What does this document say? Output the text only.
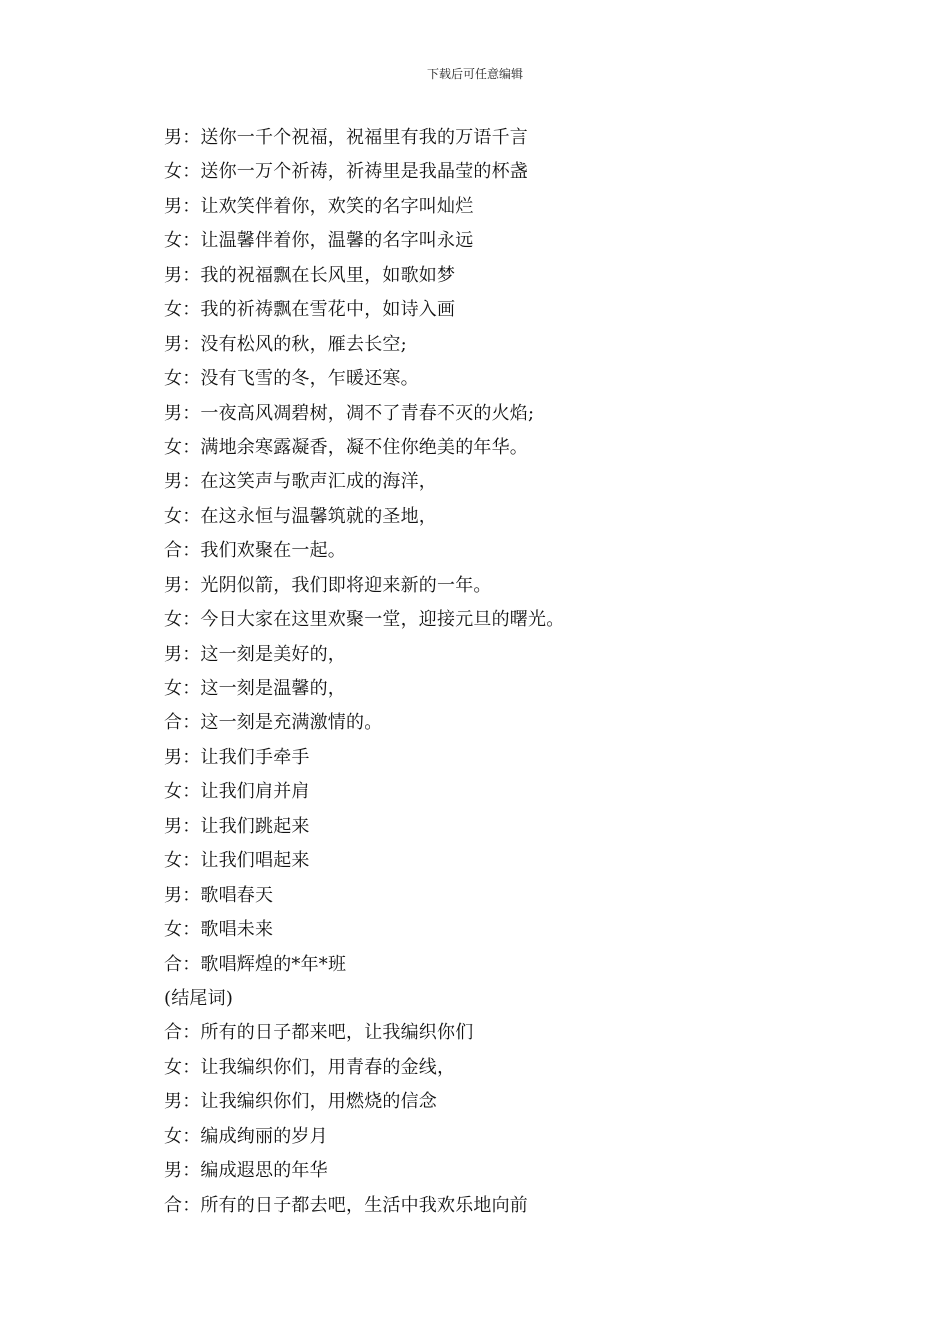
下载后可任意编辑
男：送你一千个祝福，祝福里有我的万语千言
女：送你一万个祈祷，祈祷里是我晶莹的杯盏
男：让欢笑伴着你，欢笑的名字叫灿烂
女：让温馨伴着你，温馨的名字叫永远
男：我的祝福飘在长风里，如歌如梦
女：我的祈祷飘在雪花中，如诗入画
男：没有松风的秋，雁去长空;
女：没有飞雪的冬，乍暖还寒。
男：一夜高风凋碧树，凋不了青春不灭的火焰;
女：满地余寒露凝香，凝不住你绝美的年华。
男：在这笑声与歌声汇成的海洋，
女：在这永恒与温馨筑就的圣地，
合：我们欢聚在一起。
男：光阴似箭，我们即将迎来新的一年。
女：今日大家在这里欢聚一堂，迎接元旦的曙光。
男：这一刻是美好的，
女：这一刻是温馨的，
合：这一刻是充满激情的。
男：让我们手牵手
女：让我们肩并肩
男：让我们跳起来
女：让我们唱起来
男：歌唱春天
女：歌唱未来
合：歌唱辉煌的*年*班
(结尾词)
合：所有的日子都来吧，让我编织你们
女：让我编织你们，用青春的金线，
男：让我编织你们，用燃烧的信念
女：编成绚丽的岁月
男：编成遐思的年华
合：所有的日子都去吧，生活中我欢乐地向前
